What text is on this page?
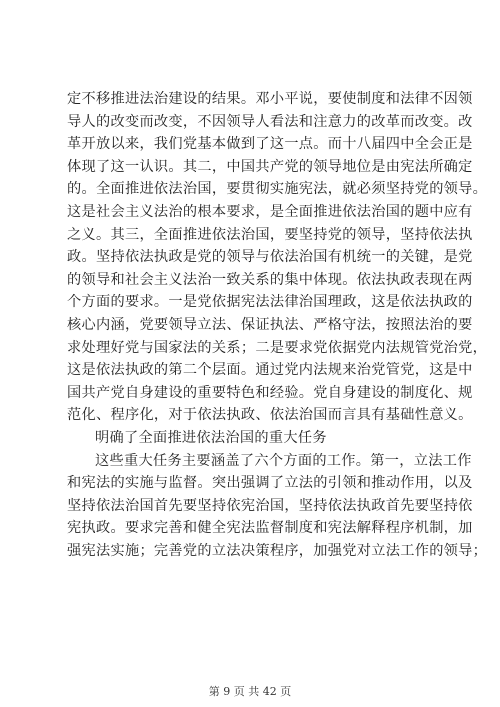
定不移推进法治建设的结果。邓小平说，要使制度和法律不因领
导人的改变而改变，不因领导人看法和注意力的改革而改变。改
革开放以来，我们党基本做到了这一点。而十八届四中全会正是
体现了这一认识。其二，中国共产党的领导地位是由宪法所确定
的。全面推进依法治国，要贯彻实施宪法，就必须坚持党的领导。
这是社会主义法治的根本要求，是全面推进依法治国的题中应有
之义。其三，全面推进依法治国，要坚持党的领导，坚持依法执
政。坚持依法执政是党的领导与依法治国有机统一的关键，是党
的领导和社会主义法治一致关系的集中体现。依法执政表现在两
个方面的要求。一是党依据宪法法律治国理政，这是依法执政的
核心内涵，党要领导立法、保证执法、严格守法，按照法治的要
求处理好党与国家法的关系；二是要求党依据党内法规管党治党，
这是依法执政的第二个层面。通过党内法规来治党管党，这是中
国共产党自身建设的重要特色和经验。党自身建设的制度化、规
范化、程序化，对于依法执政、依法治国而言具有基础性意义。
明确了全面推进依法治国的重大任务
这些重大任务主要涵盖了六个方面的工作。第一，立法工作
和宪法的实施与监督。突出强调了立法的引领和推动作用，以及
坚持依法治国首先要坚持依宪治国，坚持依法执政首先要坚持依
宪执政。要求完善和健全宪法监督制度和宪法解释程序机制，加
强宪法实施；完善党的立法决策程序，加强党对立法工作的领导；
第 9 页 共 42 页
